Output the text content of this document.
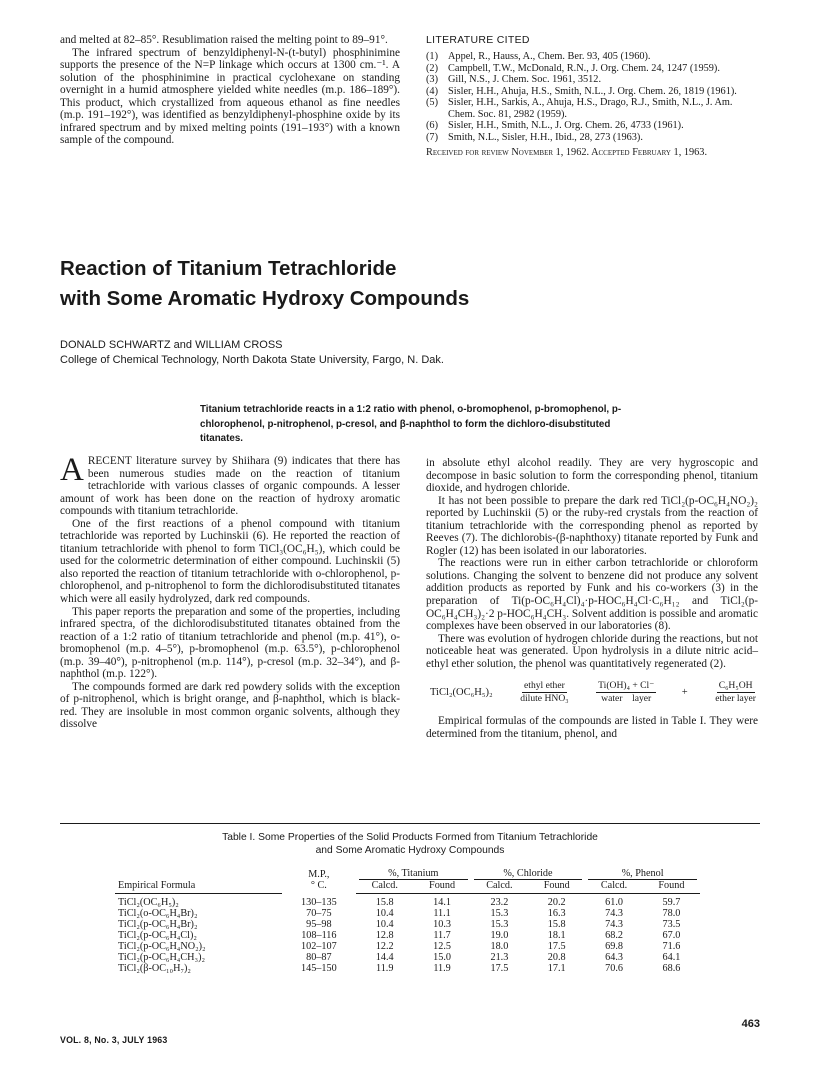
and melted at 82–85°. Resublimation raised the melting point to 89–91°.

The infrared spectrum of benzyldiphenyl-N-(t-butyl) phosphinimine supports the presence of the N=P linkage which occurs at 1300 cm.⁻¹. A solution of the phosphinimine in practical cyclohexane on standing overnight in a humid atmosphere yielded white needles (m.p. 186–189°). This product, which crystallized from aqueous ethanol as fine needles (m.p. 191–192°), was identified as benzyldiphenyl-phosphine oxide by its infrared spectrum and by mixed melting points (191–193°) with a known sample of the compound.

LITERATURE CITED
(1) Appel, R., Hauss, A., Chem. Ber. 93, 405 (1960).
(2) Campbell, T.W., McDonald, R.N., J. Org. Chem. 24, 1247 (1959).
(3) Gill, N.S., J. Chem. Soc. 1961, 3512.
(4) Sisler, H.H., Ahuja, H.S., Smith, N.L., J. Org. Chem. 26, 1819 (1961).
(5) Sisler, H.H., Sarkis, A., Ahuja, H.S., Drago, R.J., Smith, N.L., J. Am. Chem. Soc. 81, 2982 (1959).
(6) Sisler, H.H., Smith, N.L., J. Org. Chem. 26, 4733 (1961).
(7) Smith, N.L., Sisler, H.H., Ibid., 28, 273 (1963).
Received for review November 1, 1962. Accepted February 1, 1963.
Reaction of Titanium Tetrachloride
with Some Aromatic Hydroxy Compounds
DONALD SCHWARTZ and WILLIAM CROSS
College of Chemical Technology, North Dakota State University, Fargo, N. Dak.
Titanium tetrachloride reacts in a 1:2 ratio with phenol, o-bromophenol, p-bromophenol, p-chlorophenol, p-nitrophenol, p-cresol, and β-naphthol to form the dichloro-disubstituted titanates.

A RECENT literature survey by Shiihara (9) indicates that there has been numerous studies made on the reaction of titanium tetrachloride with various classes of organic compounds. A lesser amount of work has been done on the reaction of hydroxy aromatic compounds with titanium tetrachloride.

One of the first reactions of a phenol compound with titanium tetrachloride was reported by Luchinskii (6). He reported the reaction of titanium tetrachloride with phenol to form TiCl₃(OC₆H₅), which could be used for the colormetric determination of either compound. Luchinskii (5) also reported the reaction of titanium tetrachloride with o-chlorophenol, p-chlorophenol, and p-nitrophenol to form the dichlorodisubstituted titanates which were all easily hydrolyzed, dark red compounds.

This paper reports the preparation and some of the properties, including infrared spectra, of the dichlorodisubstituted titanates obtained from the reaction of a 1:2 ratio of titanium tetrachloride and phenol (m.p. 41°), o-bromophenol (m.p. 4–5°), p-bromophenol (m.p. 63.5°), p-chlorophenol (m.p. 39–40°), p-nitrophenol (m.p. 114°), p-cresol (m.p. 32–34°), and β-naphthol (m.p. 122°).

The compounds formed are dark red powdery solids with the exception of p-nitrophenol, which is bright orange, and β-naphthol, which is black-red. They are insoluble in most common organic solvents, although they dissolve

in absolute ethyl alcohol readily. They are very hygroscopic and decompose in basic solution to form the corresponding phenol, titanium dioxide, and hydrogen chloride.

It has not been possible to prepare the dark red TiCl₂(p-OC₆H₄NO₂)₂ reported by Luchinskii (5) or the ruby-red crystals from the reaction of titanium tetrachloride with the corresponding phenol as reported by Reeves (7). The dichlorobis-(β-naphthoxy) titanate reported by Funk and Rogler (12) has been isolated in our laboratories.

The reactions were run in either carbon tetrachloride or chloroform solutions. Changing the solvent to benzene did not produce any solvent addition products as reported by Funk and his co-workers (3) in the preparation of Ti(p-OC₆H₄Cl)₄·p-HOC₆H₄Cl·C₆H₁₂ and TiCl₂(p-OC₆H₄CH₃)₂·2 p-HOC₆H₄CH₃. Solvent addition is possible and aromatic complexes have been observed in our laboratories (8).

There was evolution of hydrogen chloride during the reactions, but not noticeable heat was generated. Upon hydrolysis in a dilute nitric acid–ethyl ether solution, the phenol was quantitatively regenerated (2).

TiCl₂(OC₆H₅)₂	$\frac{\text{ethyl ether}}{\text{dilute HNO₃}}$	$\frac{\text{Ti(OH)₄ + Cl⁻}}{\text{water layer}}$ +	$\frac{\text{C₆H₅OH}}{\text{ether layer}}$

Empirical formulas of the compounds are listed in Table I. They were determined from the titanium, phenol, and

Table I. Some Properties of the Solid Products Formed from Titanium Tetrachloride
and Some Aromatic Hydroxy Compounds
	M.P.,	%, Titanium		%, Chloride		%, Phenol	

Empirical Formula	° C.	Calcd.	Found	Calcd.	Found	Calcd.	Found
TiCl₂(OC₆H₅)₂	130–135	15.8	14.1	23.2	20.2	61.0	59.7
TiCl₂(o-OC₆H₄Br)₂	70–75	10.4	11.1	15.3	16.3	74.3	78.0
TiCl₂(p-OC₆H₄Br)₂	95–98	10.4	10.3	15.3	15.8	74.3	73.5
TiCl₂(p-OC₆H₄Cl)₂	108–116	12.8	11.7	19.0	18.1	68.2	67.0
TiCl₂(p-OC₆H₄NO₂)₂	102–107	12.2	12.5	18.0	17.5	69.8	71.6
TiCl₂(p-OC₆H₄CH₃)₂	80–87	14.4	15.0	21.3	20.8	64.3	64.1
TiCl₂(β-OC₁₀H₇)₂	145–150	11.9	11.9	17.5	17.1	70.6	68.6
VOL. 8, No. 3, JULY 1963
463
